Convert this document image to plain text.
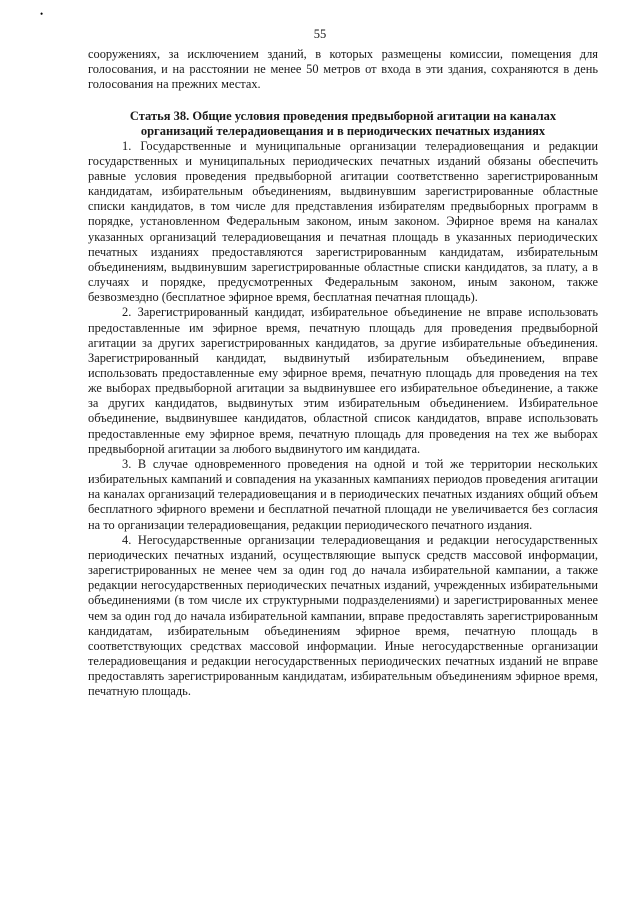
•
55

сооружениях, за исключением зданий, в которых размещены комиссии, помещения для голосования, и на расстоянии не менее 50 метров от входа в эти здания, сохраняются в день голосования на прежних местах.

Статья 38. Общие условия проведения предвыборной агитации на каналах
организаций телерадиовещания и в периодических печатных изданиях

1. Государственные и муниципальные организации телерадиовещания и редакции государственных и муниципальных периодических печатных изданий обязаны обеспечить равные условия проведения предвыборной агитации соответственно зарегистрированным кандидатам, избирательным объединениям, выдвинувшим зарегистрированные областные списки кандидатов, в том числе для представления избирателям предвыборных программ в порядке, установленном Федеральным законом, иным законом. Эфирное время на каналах указанных организаций телерадиовещания и печатная площадь в указанных периодических печатных изданиях предоставляются зарегистрированным кандидатам, избирательным объединениям, выдвинувшим зарегистрированные областные списки кандидатов, за плату, а в случаях и порядке, предусмотренных Федеральным законом, иным законом, также безвозмездно (бесплатное эфирное время, бесплатная печатная площадь).

2. Зарегистрированный кандидат, избирательное объединение не вправе использовать предоставленные им эфирное время, печатную площадь для проведения предвыборной агитации за других зарегистрированных кандидатов, за другие избирательные объединения. Зарегистрированный кандидат, выдвинутый избирательным объединением, вправе использовать предоставленные ему эфирное время, печатную площадь для проведения на тех же выборах предвыборной агитации за выдвинувшее его избирательное объединение, а также за других кандидатов, выдвинутых этим избирательным объединением. Избирательное объединение, выдвинувшее кандидатов, областной список кандидатов, вправе использовать предоставленные ему эфирное время, печатную площадь для проведения на тех же выборах предвыборной агитации за любого выдвинутого им кандидата.

3. В случае одновременного проведения на одной и той же территории нескольких избирательных кампаний и совпадения на указанных кампаниях периодов проведения агитации на каналах организаций телерадиовещания и в периодических печатных изданиях общий объем бесплатного эфирного времени и бесплатной печатной площади не увеличивается без согласия на то организации телерадиовещания, редакции периодического печатного издания.

4. Негосударственные организации телерадиовещания и редакции негосударственных периодических печатных изданий, осуществляющие выпуск средств массовой информации, зарегистрированных не менее чем за один год до начала избирательной кампании, а также редакции негосударственных периодических печатных изданий, учрежденных избирательными объединениями (в том числе их структурными подразделениями) и зарегистрированных менее чем за один год до начала избирательной кампании, вправе предоставлять зарегистрированным кандидатам, избирательным объединениям эфирное время, печатную площадь в соответствующих средствах массовой информации. Иные негосударственные организации телерадиовещания и редакции негосударственных периодических печатных изданий не вправе предоставлять зарегистрированным кандидатам, избирательным объединениям эфирное время, печатную площадь.
